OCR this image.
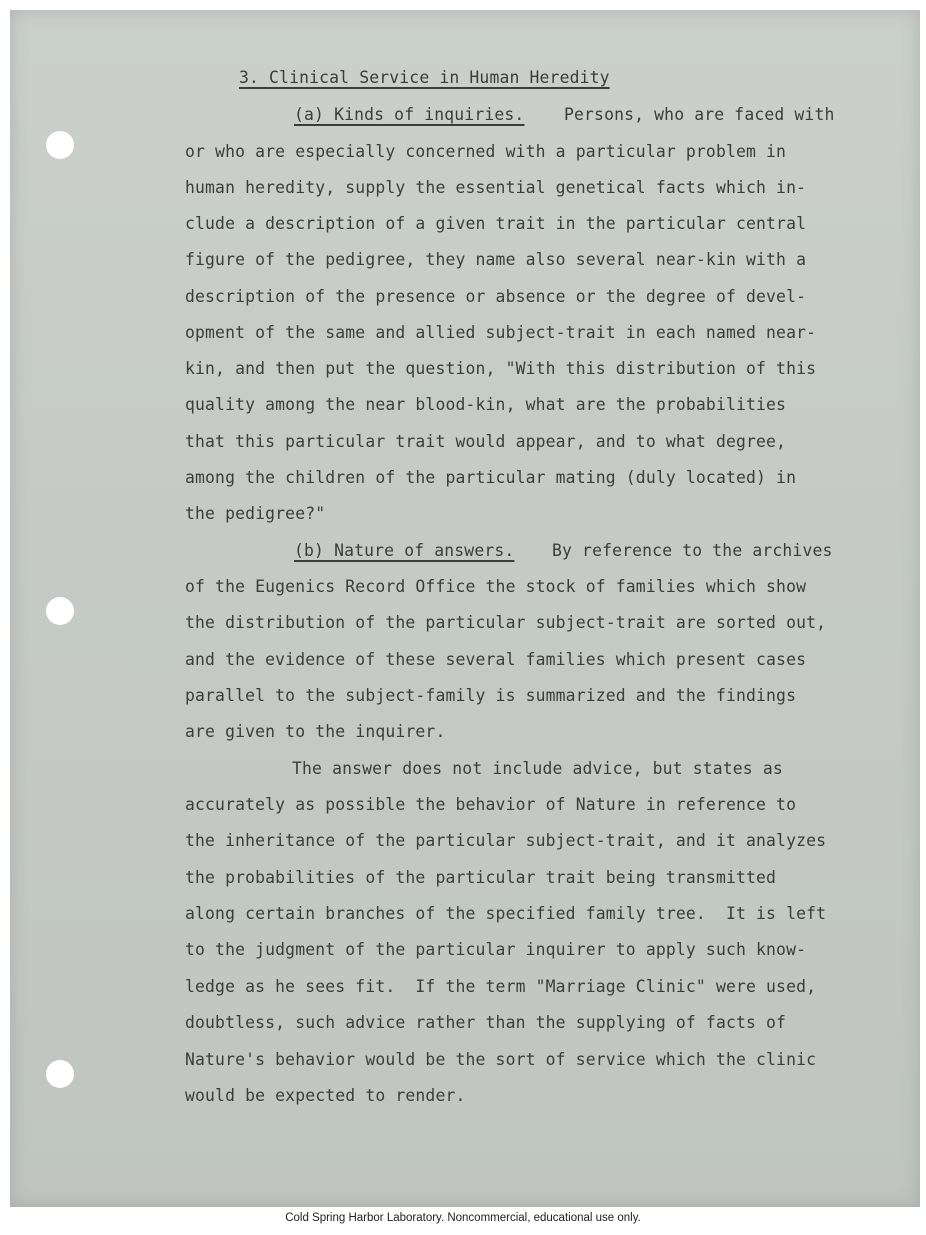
3. Clinical Service in Human Heredity
(a) Kinds of inquiries. Persons, who are faced with
or who are especially concerned with a particular problem in
human heredity, supply the essential genetical facts which in-
clude a description of a given trait in the particular central
figure of the pedigree, they name also several near-kin with a
description of the presence or absence or the degree of devel-
opment of the same and allied subject-trait in each named near-
kin, and then put the question, "With this distribution of this
quality among the near blood-kin, what are the probabilities
that this particular trait would appear, and to what degree,
among the children of the particular mating (duly located) in
the pedigree?"
(b) Nature of answers. By reference to the archives
of the Eugenics Record Office the stock of families which show
the distribution of the particular subject-trait are sorted out,
and the evidence of these several families which present cases
parallel to the subject-family is summarized and the findings
are given to the inquirer.
The answer does not include advice, but states as
accurately as possible the behavior of Nature in reference to
the inheritance of the particular subject-trait, and it analyzes
the probabilities of the particular trait being transmitted
along certain branches of the specified family tree.  It is left
to the judgment of the particular inquirer to apply such know-
ledge as he sees fit.  If the term "Marriage Clinic" were used,
doubtless, such advice rather than the supplying of facts of
Nature's behavior would be the sort of service which the clinic
would be expected to render.
Cold Spring Harbor Laboratory. Noncommercial, educational use only.
